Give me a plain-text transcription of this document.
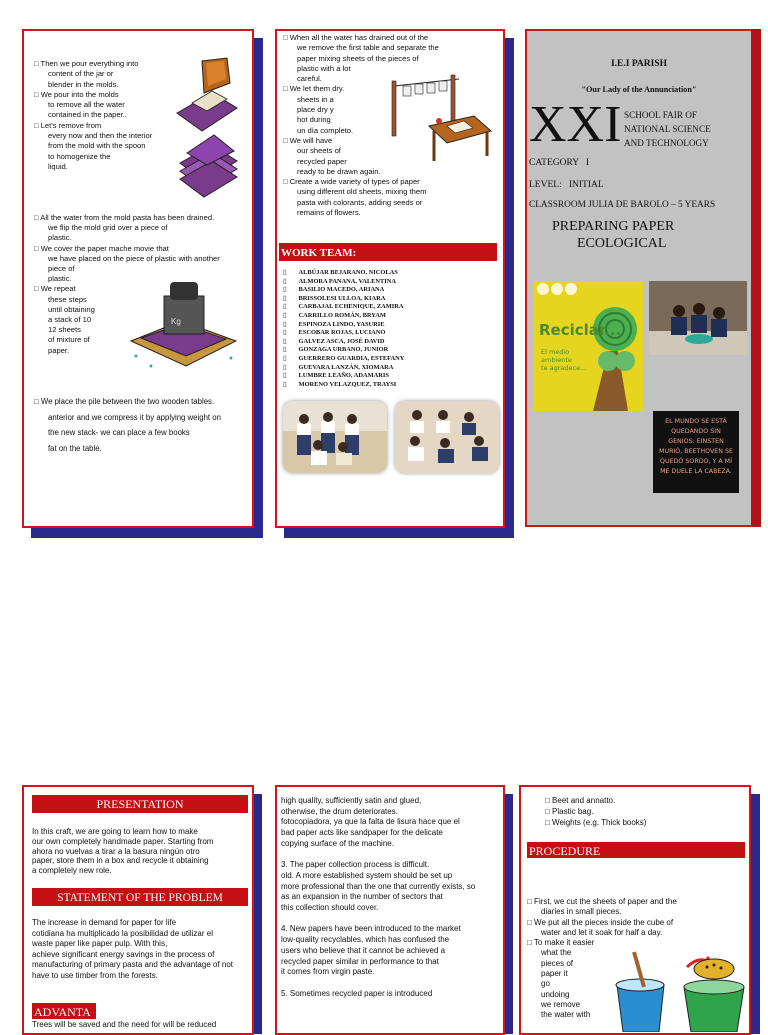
□ Then we pour everything into
content of the jar or
blender in the molds.
□ We pour into the molds
to remove all the water
contained in the paper..
□ Let's remove from
every now and then the interior
from the mold with the spoon
to homogenize the
liquid.
□ All the water from the mold pasta has been drained.
we flip the mold grid over a piece of
plastic.
□ We cover the paper mache movie that
we have placed on the piece of plastic with another
piece of
plastic.
□ We repeat
these steps
until obtaining
a stack of 10
12 sheets
of mixture of
paper.
Kg
□ We place the pile between the two wooden tables.
anterior and we compress it by applying weight on
the new stack- we can place a few books
fat on the table.
□ When all the water has drained out of the
we remove the first table and separate the
paper mixing sheets of the pieces of
plastic with a lot
careful.
□ We let them dry.
sheets in a
place dry y
hot during
un día completo.
□ We will have
our sheets of
recycled paper
ready to be drawn again.
□ Create a wide variety of types of paper
using different old sheets, mixing them
pasta with colorants, adding seeds or
remains of flowers.
WORK TEAM:
▯ ALBÚJAR BEJARANO, NICOLAS
▯ ALMORA PANANA, VALENTINA
▯ BASILIO MACEDO, ARIANA
▯ BRISSOLESI ULLOA, KIARA
▯ CARBAJAL ECHENIQUE, ZAMIRA
▯ CARRILLO ROMÁN, BRYAM
▯ ESPINOZA LINDO, YASURIE
▯ ESCOBAR ROJAS, LUCIANO
▯ GALVEZ ASCA, JOSÉ DAVID
▯ GONZAGA URBANO, JUNIOR
▯ GUERRERO GUARDIA, ESTEFANY
▯ GUEVARA LANZÁN, XIOMARA
▯ LUMBRE LEAÑO, ADAMARIS
▯ MORENO VELAZQUEZ, TRAYSI
I.E.I PARISH
"Our Lady of the Annunciation"
XXI SCHOOL FAIR OF
NATIONAL SCIENCE
AND TECHNOLOGY
CATEGORY   I
LEVEL:   INITIAL
CLASSROOM JULIA DE BAROLO – 5 YEARS
PREPARING PAPER
ECOLOGICAL
Reciclar...
El medio
ambiente
te agradece...
EL MUNDO SE ESTÁ
QUEDANDO SIN
GENIOS: EINSTEN
MURIÓ, BEETHOVEN SE
QUEDÓ SORDO, Y A MÍ
ME DUELE LA CABEZA.
PRESENTATION
In this craft, we are going to learn how to make
our own completely handmade paper. Starting from
ahora no vuelvas a tirar a la basura ningún otro
paper, store them in a box and recycle it obtaining
a completely new role.
STATEMENT OF THE PROBLEM
The increase in demand for paper for life
cotidiana ha multiplicado la posibilidad de utilizar el
waste paper like paper pulp. With this,
achieve significant energy savings in the process of
manufacturing of primary pasta and the advantage of not
have to use timber from the forests.
ADVANTA
Trees will be saved and the need for will be reduced
high quality, sufficiently satin and glued,
otherwise, the drum deteriorates.
fotocopiadora, ya que la falta de lisura hace que el
bad paper acts like sandpaper for the delicate
copying surface of the machine.
3. The paper collection process is difficult.
old. A more established system should be set up
more professional than the one that currently exists, so
as an expansion in the number of sectors that
this collection should cover.
4. New papers have been introduced to the market
low-quality recyclables, which has confused the
users who believe that it cannot be achieved a
recycled paper similar in performance to that
it comes from virgin paste.
5. Sometimes recycled paper is introduced
□ Beet and annatto.
□ Plastic bag.
□ Weights (e.g. Thick books)
PROCEDURE
□ First, we cut the sheets of paper and the
diaries in small pieces.
□ We put all the pieces inside the cube of
water and let it soak for half a day.
□ To make it easier
what the
pieces of
paper it
go
undoing
we remove
the water with
